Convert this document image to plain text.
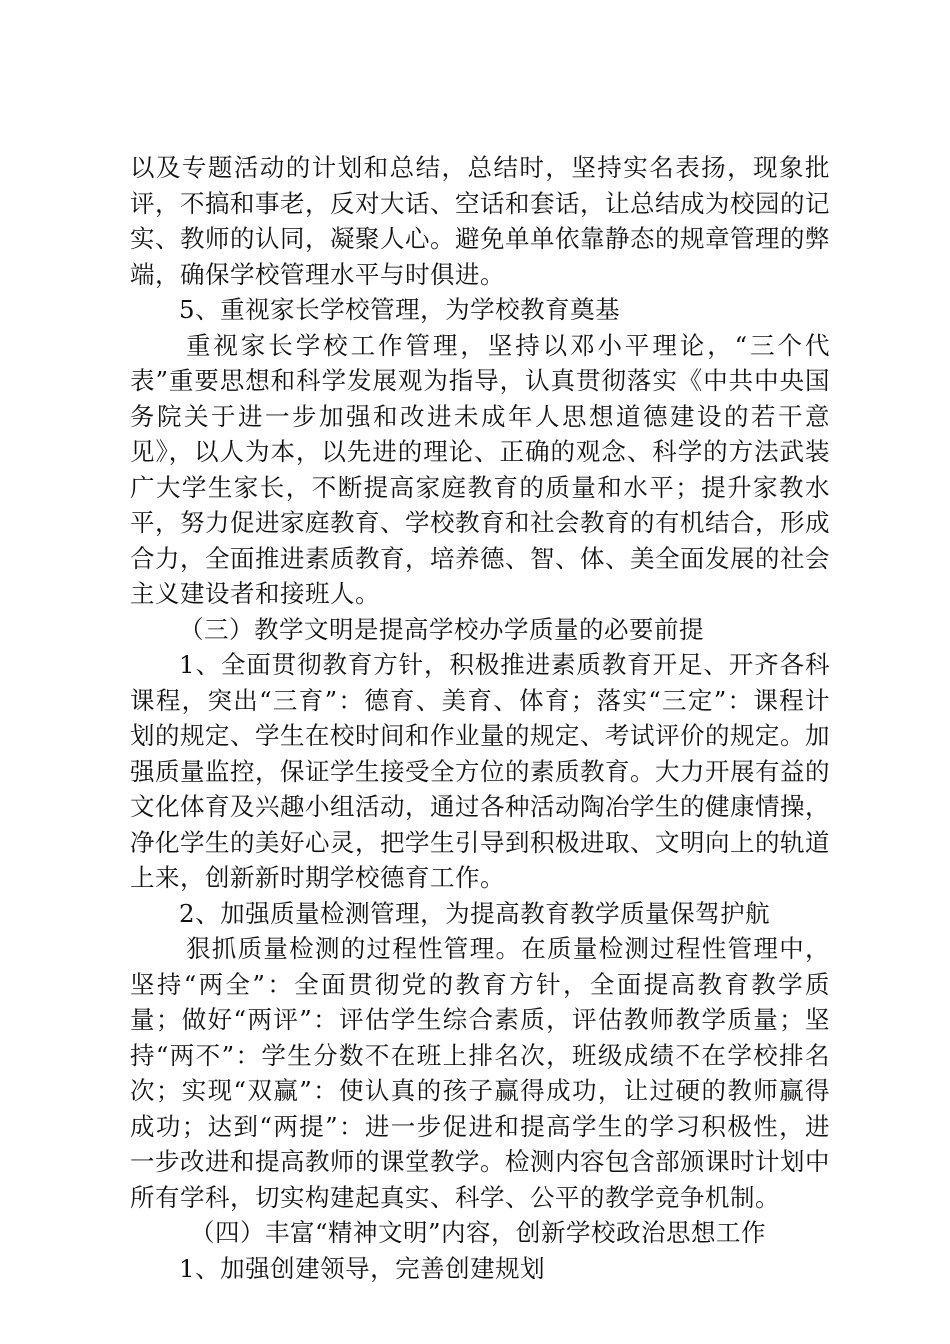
以及专题活动的计划和总结，总结时，坚持实名表扬，现象批评，不搞和事老，反对大话、空话和套话，让总结成为校园的记实、教师的认同，凝聚人心。避免单单依靠静态的规章管理的弊端，确保学校管理水平与时俱进。

5、重视家长学校管理，为学校教育奠基

重视家长学校工作管理，坚持以邓小平理论，“三个代表”重要思想和科学发展观为指导，认真贯彻落实《中共中央国务院关于进一步加强和改进未成年人思想道德建设的若干意见》，以人为本，以先进的理论、正确的观念、科学的方法武装广大学生家长，不断提高家庭教育的质量和水平；提升家教水平，努力促进家庭教育、学校教育和社会教育的有机结合，形成合力，全面推进素质教育，培养德、智、体、美全面发展的社会主义建设者和接班人。

（三）教学文明是提高学校办学质量的必要前提

1、全面贯彻教育方针，积极推进素质教育开足、开齐各科课程，突出“三育”：德育、美育、体育；落实“三定”：课程计划的规定、学生在校时间和作业量的规定、考试评价的规定。加强质量监控，保证学生接受全方位的素质教育。大力开展有益的文化体育及兴趣小组活动，通过各种活动陶冶学生的健康情操，净化学生的美好心灵，把学生引导到积极进取、文明向上的轨道上来，创新新时期学校德育工作。

2、加强质量检测管理，为提高教育教学质量保驾护航

狠抓质量检测的过程性管理。在质量检测过程性管理中，坚持“两全”：全面贯彻党的教育方针，全面提高教育教学质量；做好“两评”：评估学生综合素质，评估教师教学质量；坚持“两不”：学生分数不在班上排名次，班级成绩不在学校排名次；实现“双赢”：使认真的孩子赢得成功，让过硬的教师赢得成功；达到“两提”：进一步促进和提高学生的学习积极性，进一步改进和提高教师的课堂教学。检测内容包含部颁课时计划中所有学科，切实构建起真实、科学、公平的教学竞争机制。

（四）丰富“精神文明”内容，创新学校政治思想工作

1、加强创建领导，完善创建规划
